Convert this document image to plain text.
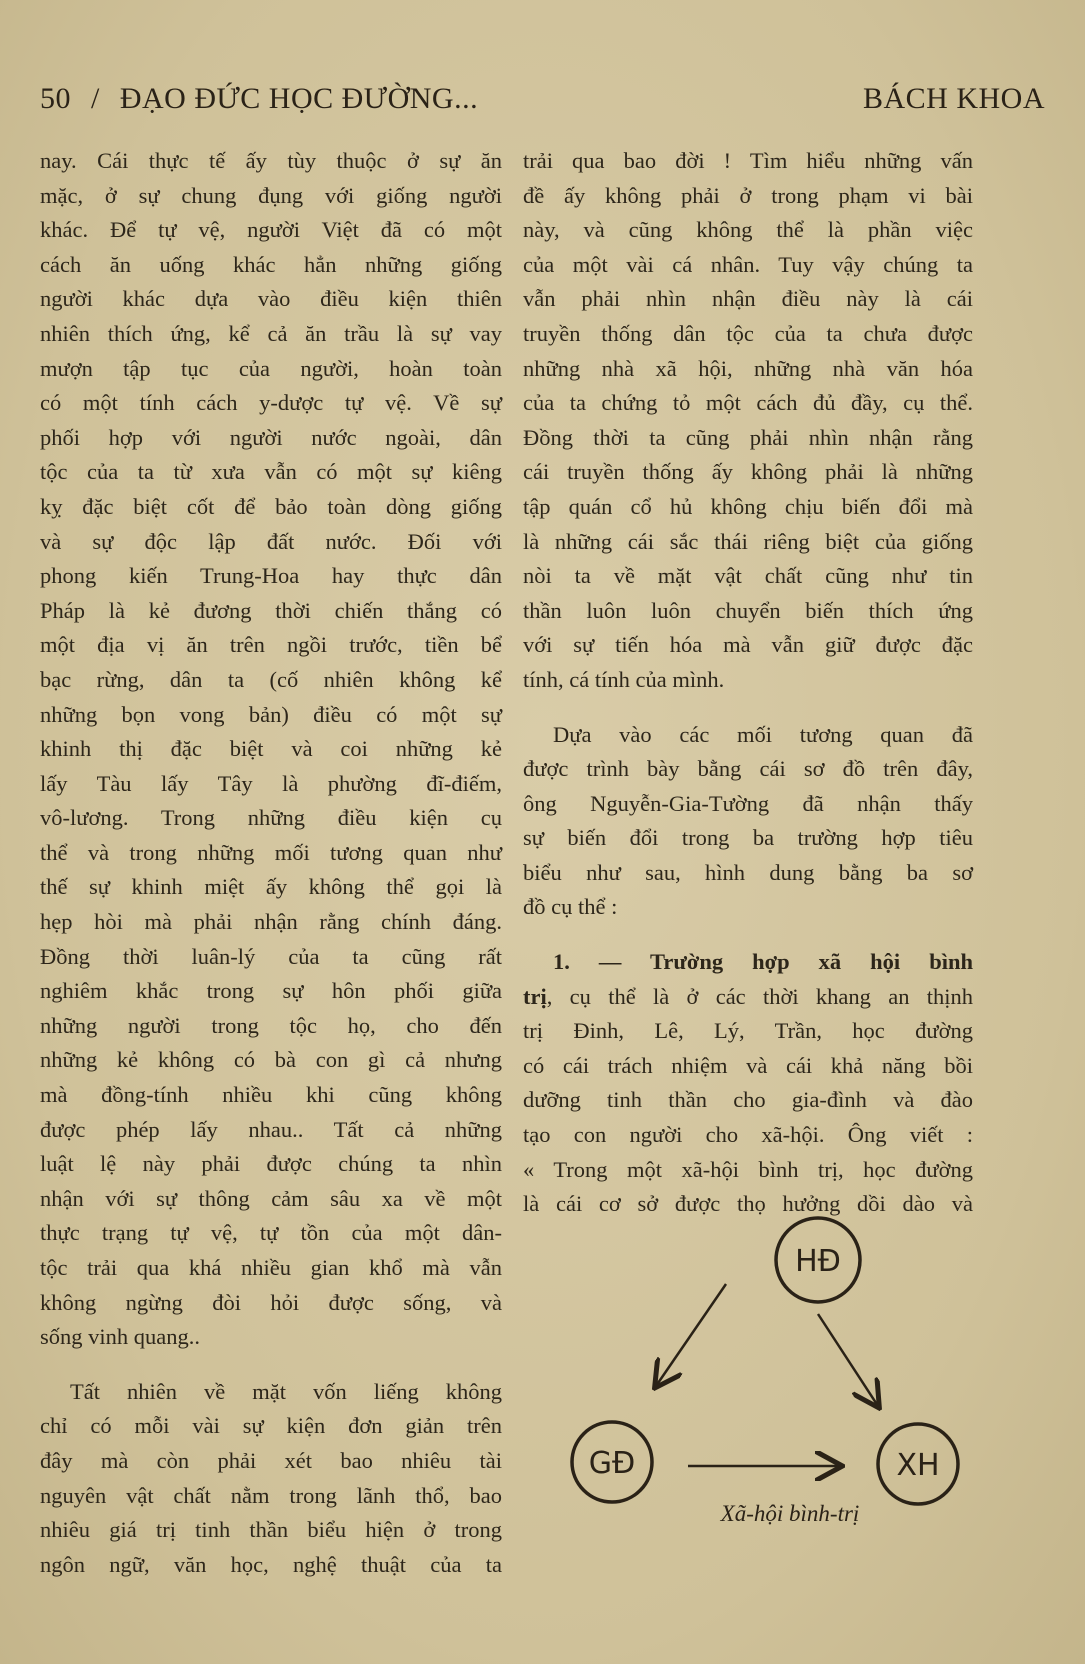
50 / ĐẠO ĐỨC HỌC ĐƯỜNG...	BÁCH KHOA
nay. Cái thực tế ấy tùy thuộc ở sự ăn
mặc, ở sự chung đụng với giống người
khác. Để tự vệ, người Việt đã có một
cách ăn uống khác hẳn những giống
người khác dựa vào điều kiện thiên
nhiên thích ứng, kể cả ăn trầu là sự vay
mượn tập tục của người, hoàn toàn
có một tính cách y-dược tự vệ. Về sự
phối hợp với người nước ngoài, dân
tộc của ta từ xưa vẫn có một sự kiêng
kỵ đặc biệt cốt để bảo toàn dòng giống
và sự độc lập đất nước. Đối với
phong kiến Trung-Hoa hay thực dân
Pháp là kẻ đương thời chiến thắng có
một địa vị ăn trên ngồi trước, tiền bể
bạc rừng, dân ta (cố nhiên không kể
những bọn vong bản) điều có một sự
khinh thị đặc biệt và coi những kẻ
lấy Tàu lấy Tây là phường đĩ-điếm,
vô-lương. Trong những điều kiện cụ
thể và trong những mối tương quan như
thế sự khinh miệt ấy không thể gọi là
hẹp hòi mà phải nhận rằng chính đáng.
Đồng thời luân-lý của ta cũng rất
nghiêm khắc trong sự hôn phối giữa
những người trong tộc họ, cho đến
những kẻ không có bà con gì cả nhưng
mà đồng-tính nhiều khi cũng không
được phép lấy nhau.. Tất cả những
luật lệ này phải được chúng ta nhìn
nhận với sự thông cảm sâu xa về một
thực trạng tự vệ, tự tồn của một dân-
tộc trải qua khá nhiều gian khổ mà vẫn
không ngừng đòi hỏi được sống, và
sống vinh quang..
Tất nhiên về mặt vốn liếng không
chỉ có mỗi vài sự kiện đơn giản trên
đây mà còn phải xét bao nhiêu tài
nguyên vật chất nằm trong lãnh thổ, bao
nhiêu giá trị tinh thần biểu hiện ở trong
ngôn ngữ, văn học, nghệ thuật của ta
trải qua bao đời ! Tìm hiểu những vấn
đề ấy không phải ở trong phạm vi bài
này, và cũng không thể là phần việc
của một vài cá nhân. Tuy vậy chúng ta
vẫn phải nhìn nhận điều này là cái
truyền thống dân tộc của ta chưa được
những nhà xã hội, những nhà văn hóa
của ta chứng tỏ một cách đủ đầy, cụ thể.
Đồng thời ta cũng phải nhìn nhận rằng
cái truyền thống ấy không phải là những
tập quán cổ hủ không chịu biến đổi mà
là những cái sắc thái riêng biệt của giống
nòi ta về mặt vật chất cũng như tin
thần luôn luôn chuyển biến thích ứng
với sự tiến hóa mà vẫn giữ được đặc
tính, cá tính của mình.
Dựa vào các mối tương quan đã
được trình bày bằng cái sơ đồ trên đây,
ông Nguyễn-Gia-Tường đã nhận thấy
sự biến đổi trong ba trường hợp tiêu
biểu như sau, hình dung bằng ba sơ
đồ cụ thể :
1. — Trường hợp xã hội bình
trị, cụ thể là ở các thời khang an thịnh
trị Đinh, Lê, Lý, Trần, học đường
có cái trách nhiệm và cái khả năng bồi
dưỡng tinh thần cho gia-đình và đào
tạo con người cho xã-hội. Ông viết :
« Trong một xã-hội bình trị, học đường
là cái cơ sở được thọ hưởng dồi dào và
HĐ
GĐ	XH
Xã-hội bình-trị
